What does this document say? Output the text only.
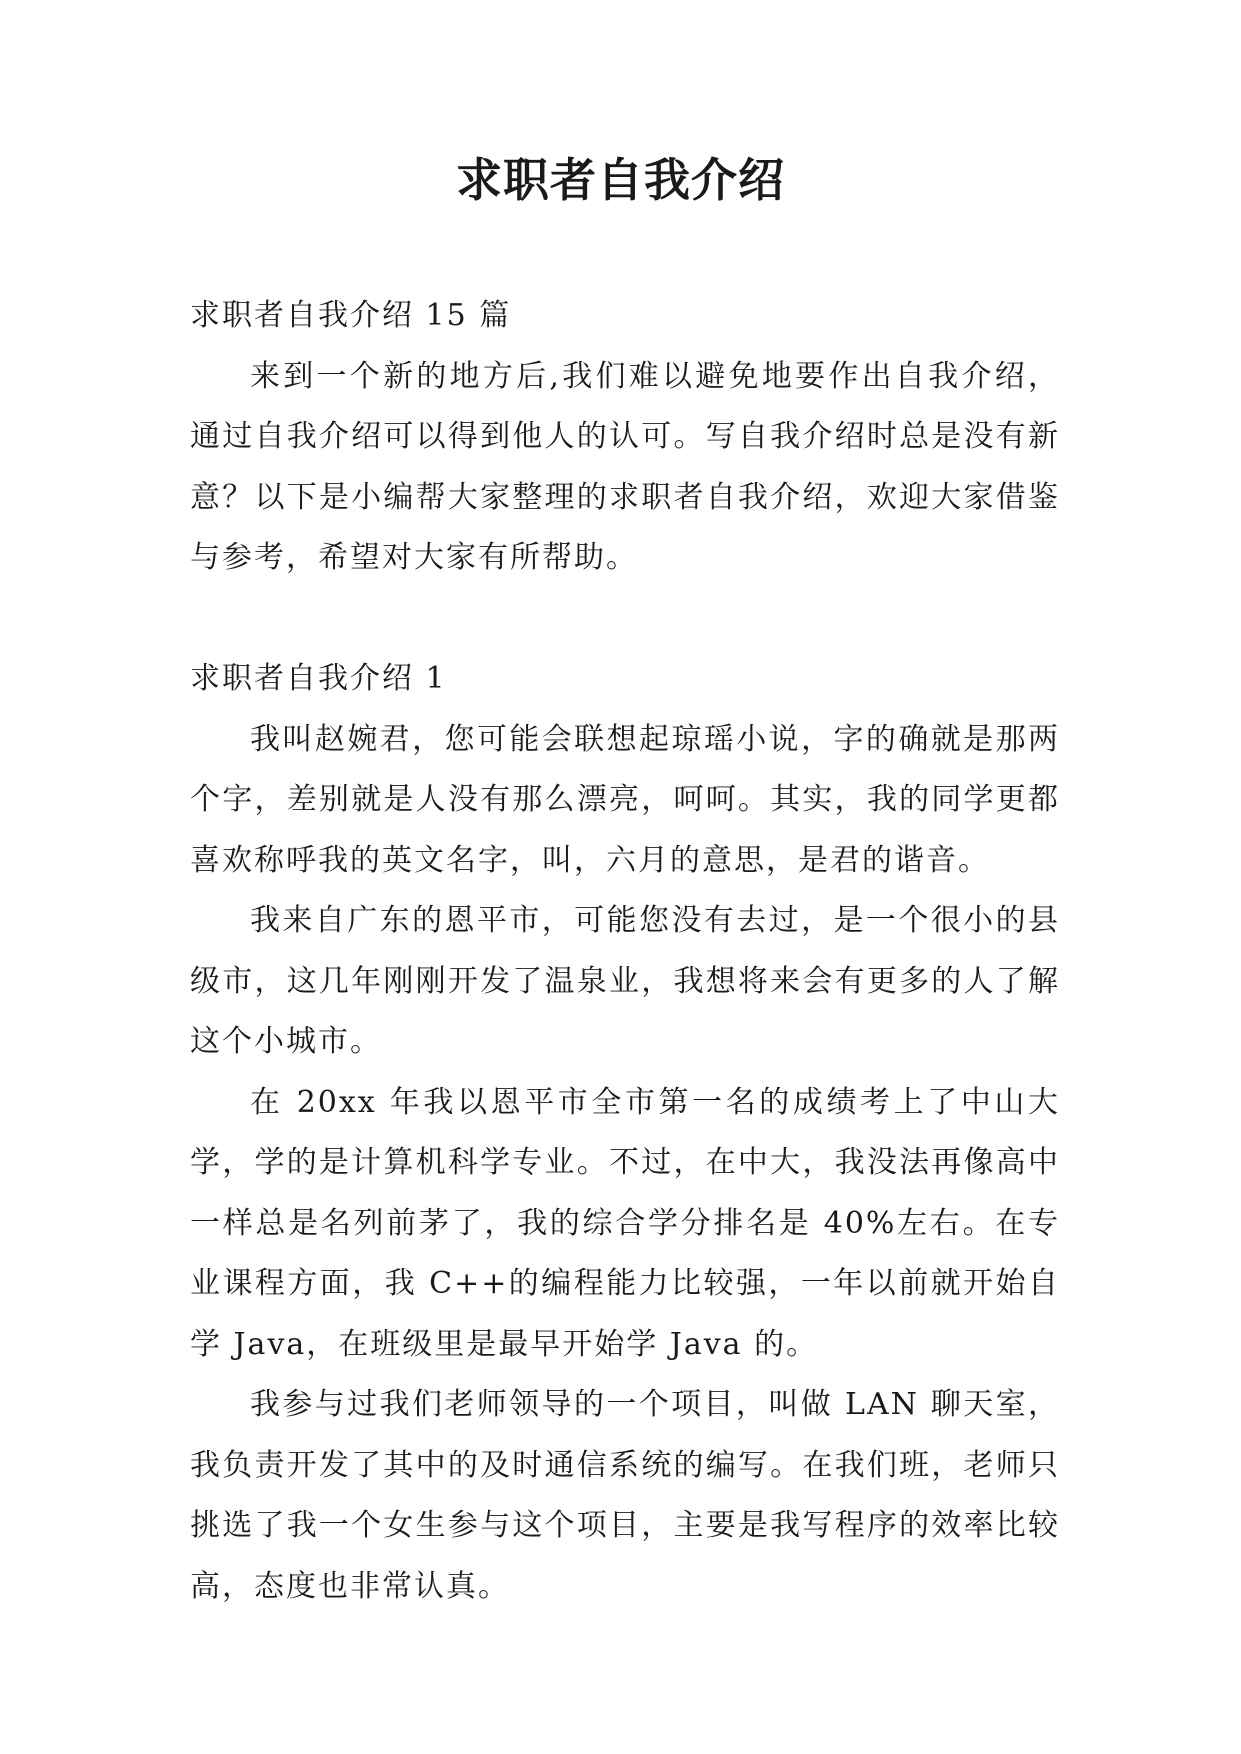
求职者自我介绍

求职者自我介绍 15 篇

来到一个新的地方后,我们难以避免地要作出自我介绍，通过自我介绍可以得到他人的认可。写自我介绍时总是没有新意？以下是小编帮大家整理的求职者自我介绍，欢迎大家借鉴与参考，希望对大家有所帮助。

求职者自我介绍 1

我叫赵婉君，您可能会联想起琼瑶小说，字的确就是那两个字，差别就是人没有那么漂亮，呵呵。其实，我的同学更都喜欢称呼我的英文名字，叫，六月的意思，是君的谐音。

我来自广东的恩平市，可能您没有去过，是一个很小的县级市，这几年刚刚开发了温泉业，我想将来会有更多的人了解这个小城市。

在 20xx 年我以恩平市全市第一名的成绩考上了中山大学，学的是计算机科学专业。不过，在中大，我没法再像高中一样总是名列前茅了，我的综合学分排名是 40%左右。在专业课程方面，我 C++的编程能力比较强，一年以前就开始自学 Java，在班级里是最早开始学 Java 的。

我参与过我们老师领导的一个项目，叫做 LAN 聊天室，我负责开发了其中的及时通信系统的编写。在我们班，老师只挑选了我一个女生参与这个项目，主要是我写程序的效率比较高，态度也非常认真。
